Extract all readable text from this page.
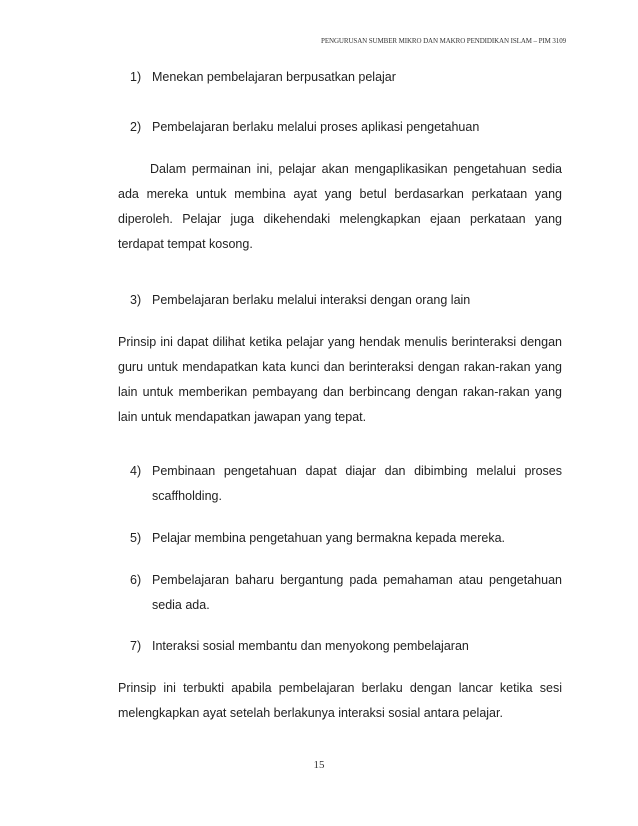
PENGURUSAN SUMBER MIKRO DAN MAKRO PENDIDIKAN ISLAM – PIM 3109
1) Menekan pembelajaran berpusatkan pelajar
2) Pembelajaran berlaku melalui proses aplikasi pengetahuan
Dalam permainan ini, pelajar akan mengaplikasikan pengetahuan sedia ada mereka untuk membina ayat yang betul berdasarkan perkataan yang diperoleh. Pelajar juga dikehendaki melengkapkan ejaan perkataan yang terdapat tempat kosong.
3) Pembelajaran berlaku melalui interaksi dengan orang lain
Prinsip ini dapat dilihat ketika pelajar yang hendak menulis berinteraksi dengan guru untuk mendapatkan kata kunci dan berinteraksi dengan rakan-rakan yang lain untuk memberikan pembayang dan berbincang dengan rakan-rakan yang lain untuk mendapatkan jawapan yang tepat.
4) Pembinaan pengetahuan dapat diajar dan dibimbing melalui proses scaffholding.
5) Pelajar membina pengetahuan yang bermakna kepada mereka.
6) Pembelajaran baharu bergantung pada pemahaman atau pengetahuan sedia ada.
7) Interaksi sosial membantu dan menyokong pembelajaran
Prinsip ini terbukti apabila pembelajaran berlaku dengan lancar ketika sesi melengkapkan ayat setelah berlakunya interaksi sosial antara pelajar.
15
